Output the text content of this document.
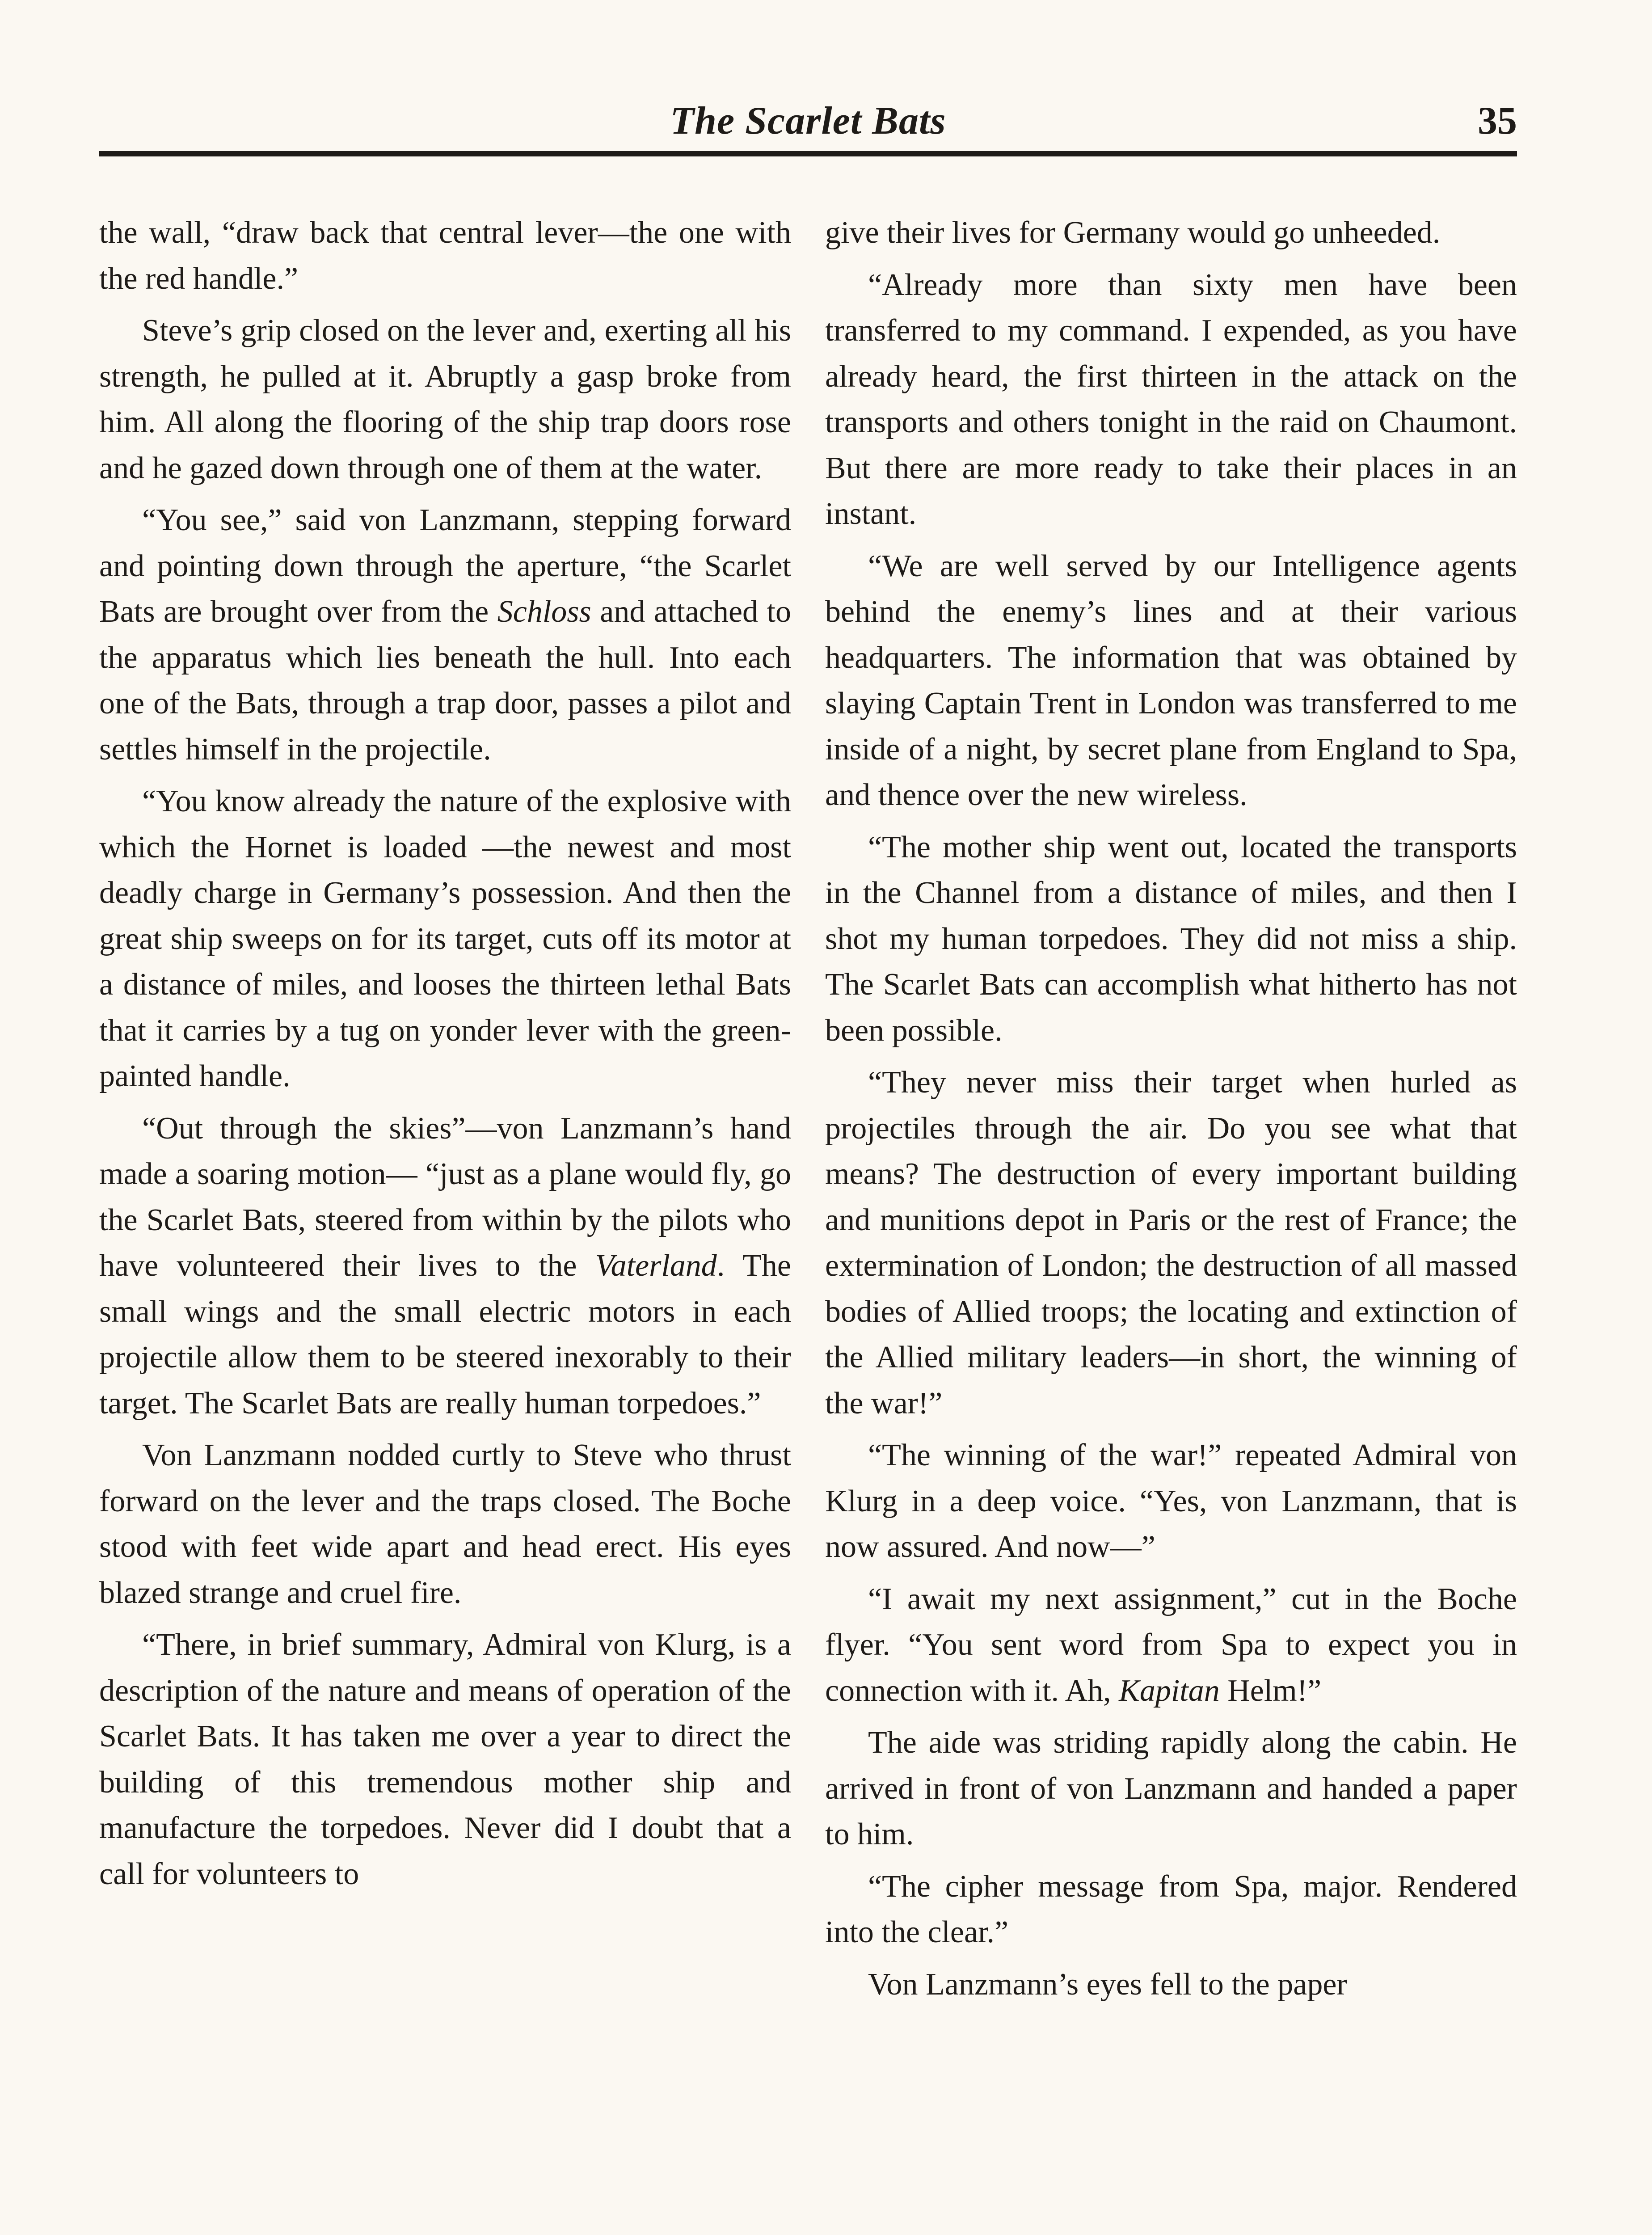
The Scarlet Bats	35

the wall, “draw back that central lever—the one with the red handle.”

Steve’s grip closed on the lever and, exerting all his strength, he pulled at it. Abruptly a gasp broke from him. All along the flooring of the ship trap doors rose and he gazed down through one of them at the water.

“You see,” said von Lanzmann, stepping forward and pointing down through the aperture, “the Scarlet Bats are brought over from the Schloss and attached to the apparatus which lies beneath the hull. Into each one of the Bats, through a trap door, passes a pilot and settles himself in the projectile.

“You know already the nature of the explosive with which the Hornet is loaded —the newest and most deadly charge in Germany’s possession. And then the great ship sweeps on for its target, cuts off its motor at a distance of miles, and looses the thirteen lethal Bats that it carries by a tug on yonder lever with the greenpainted handle.

“Out through the skies”—von Lanzmann’s hand made a soaring motion— “just as a plane would fly, go the Scarlet Bats, steered from within by the pilots who have volunteered their lives to the Vaterland. The small wings and the small electric motors in each projectile allow them to be steered inexorably to their target. The Scarlet Bats are really human torpedoes.”

Von Lanzmann nodded curtly to Steve who thrust forward on the lever and the traps closed. The Boche stood with feet wide apart and head erect. His eyes blazed strange and cruel fire.

“There, in brief summary, Admiral von Klurg, is a description of the nature and means of operation of the Scarlet Bats. It has taken me over a year to direct the building of this tremendous mother ship and manufacture the torpedoes. Never did I doubt that a call for volunteers to

give their lives for Germany would go unheeded.

“Already more than sixty men have been transferred to my command. I expended, as you have already heard, the first thirteen in the attack on the transports and others tonight in the raid on Chaumont. But there are more ready to take their places in an instant.

“We are well served by our Intelligence agents behind the enemy’s lines and at their various headquarters. The information that was obtained by slaying Captain Trent in London was transferred to me inside of a night, by secret plane from England to Spa, and thence over the new wireless.

“The mother ship went out, located the transports in the Channel from a distance of miles, and then I shot my human torpedoes. They did not miss a ship. The Scarlet Bats can accomplish what hitherto has not been possible.

“They never miss their target when hurled as projectiles through the air. Do you see what that means? The destruction of every important building and munitions depot in Paris or the rest of France; the extermination of London; the destruction of all massed bodies of Allied troops; the locating and extinction of the Allied military leaders—in short, the winning of the war!”

“The winning of the war!” repeated Admiral von Klurg in a deep voice. “Yes, von Lanzmann, that is now assured. And now—”

“I await my next assignment,” cut in the Boche flyer. “You sent word from Spa to expect you in connection with it. Ah, Kapitan Helm!”

The aide was striding rapidly along the cabin. He arrived in front of von Lanzmann and handed a paper to him.

“The cipher message from Spa, major. Rendered into the clear.”

Von Lanzmann’s eyes fell to the paper
